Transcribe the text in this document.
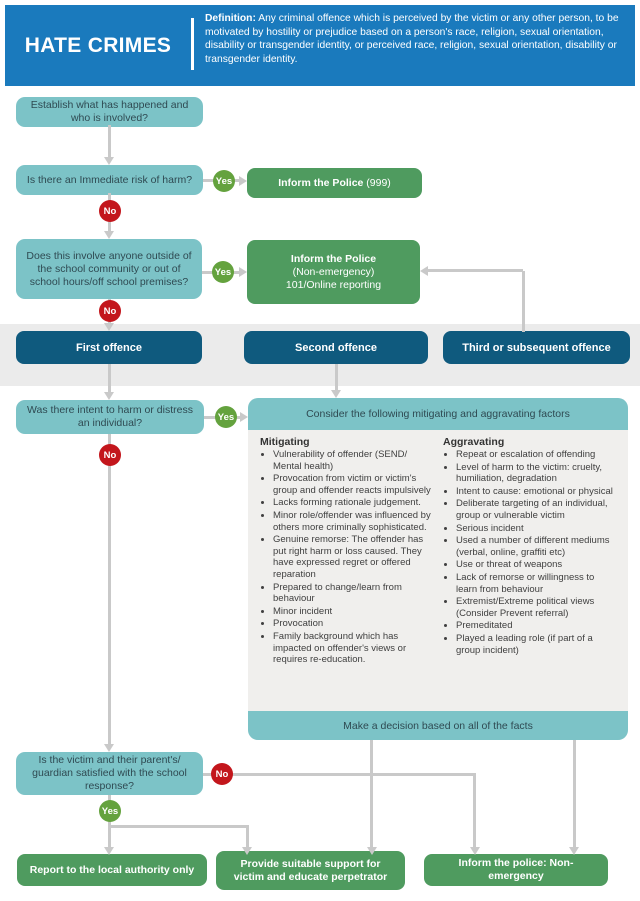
HATE CRIMES

Definition: Any criminal offence which is perceived by the victim or any other person, to be motivated by hostility or prejudice based on a person's race, religion, sexual orientation, disability or transgender identity, or perceived race, religion, sexual orientation, disability or transgender identity.

Establish what has happened and who is involved?
Is there an Immediate risk of harm?	Yes	Inform the Police (999)
No
Does this involve anyone outside of the school community or out of school hours/off school premises?
Yes
Inform the Police
(Non-emergency)
101/Online reporting
No
First offence	Second offence	Third or subsequent offence
Was there intent to harm or distress an individual?	Yes
No
Consider the following mitigating and aggravating factors
Mitigating
• Vulnerability of offender (SEND/ Mental health)
• Provocation from victim or victim's group and offender reacts impulsively
• Lacks forming rationale judgement.
• Minor role/offender was influenced by others more criminally sophisticated.
• Genuine remorse: The offender has put right harm or loss caused. They have expressed regret or offered reparation
• Prepared to change/learn from behaviour
• Minor incident
• Provocation
• Family background which has impacted on offender's views or requires re-education.
Aggravating
• Repeat or escalation of offending
• Level of harm to the victim: cruelty, humiliation, degradation
• Intent to cause: emotional or physical
• Deliberate targeting of an individual, group or vulnerable victim
• Serious incident
• Used a number of different mediums (verbal, online, graffiti etc)
• Use or threat of weapons
• Lack of remorse or willingness to learn from behaviour
• Extremist/Extreme political views (Consider Prevent referral)
• Premeditated
• Played a leading role (if part of a group incident)
Make a decision based on all of the facts
Is the victim and their parent's/ guardian satisfied with the school response?
No
Yes
Report to the local authority only	Provide suitable support for victim and educate perpetrator
Inform the police: Non-emergency
